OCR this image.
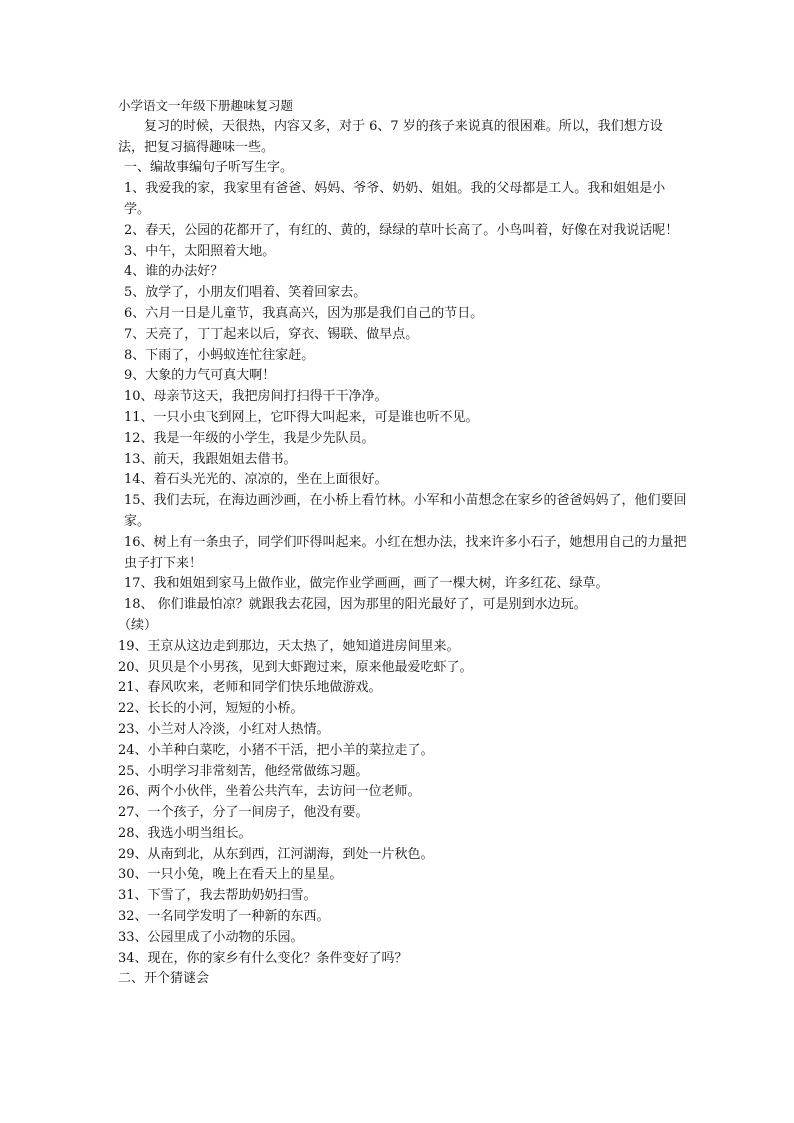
小学语文一年级下册趣味复习题

复习的时候，天很热，内容又多，对于 6、7 岁的孩子来说真的很困难。所以，我们想方设法，把复习搞得趣味一些。

一、编故事编句子听写生字。

1、我爱我的家，我家里有爸爸、妈妈、爷爷、奶奶、姐姐。我的父母都是工人。我和姐姐是小学。

2、春天，公园的花都开了，有红的、黄的，绿绿的草叶长高了。小鸟叫着，好像在对我说话呢！

3、中午，太阳照着大地。

4、谁的办法好？

5、放学了，小朋友们唱着、笑着回家去。

6、六月一日是儿童节，我真高兴，因为那是我们自己的节日。

7、天亮了，丁丁起来以后，穿衣、锡联、做早点。

8、下雨了，小蚂蚁连忙往家赶。

9、大象的力气可真大啊！

10、母亲节这天，我把房间打扫得干干净净。

11、一只小虫飞到网上，它吓得大叫起来，可是谁也听不见。

12、我是一年级的小学生，我是少先队员。

13、前天，我跟姐姐去借书。

14、着石头光光的、凉凉的，坐在上面很好。

15、我们去玩，在海边画沙画，在小桥上看竹林。小军和小苗想念在家乡的爸爸妈妈了，他们要回家。

16、树上有一条虫子，同学们吓得叫起来。小红在想办法，找来许多小石子，她想用自己的力量把虫子打下来！

17、我和姐姐到家马上做作业，做完作业学画画，画了一棵大树，许多红花、绿草。

18、 你们谁最怕凉？就跟我去花园，因为那里的阳光最好了，可是别到水边玩。

（续）

19、王京从这边走到那边，天太热了，她知道进房间里来。

20、贝贝是个小男孩，见到大虾跑过来，原来他最爱吃虾了。

21、春风吹来，老师和同学们快乐地做游戏。

22、长长的小河，短短的小桥。

23、小兰对人冷淡，小红对人热情。

24、小羊种白菜吃，小猪不干活，把小羊的菜拉走了。

25、小明学习非常刻苦，他经常做练习题。

26、两个小伙伴，坐着公共汽车，去访问一位老师。

27、一个孩子，分了一间房子，他没有要。

28、我选小明当组长。

29、从南到北，从东到西，江河湖海，到处一片秋色。

30、一只小兔，晚上在看天上的星星。

31、下雪了，我去帮助奶奶扫雪。

32、一名同学发明了一种新的东西。

33、公园里成了小动物的乐园。

34、现在，你的家乡有什么变化？条件变好了吗？

二、开个猜谜会
